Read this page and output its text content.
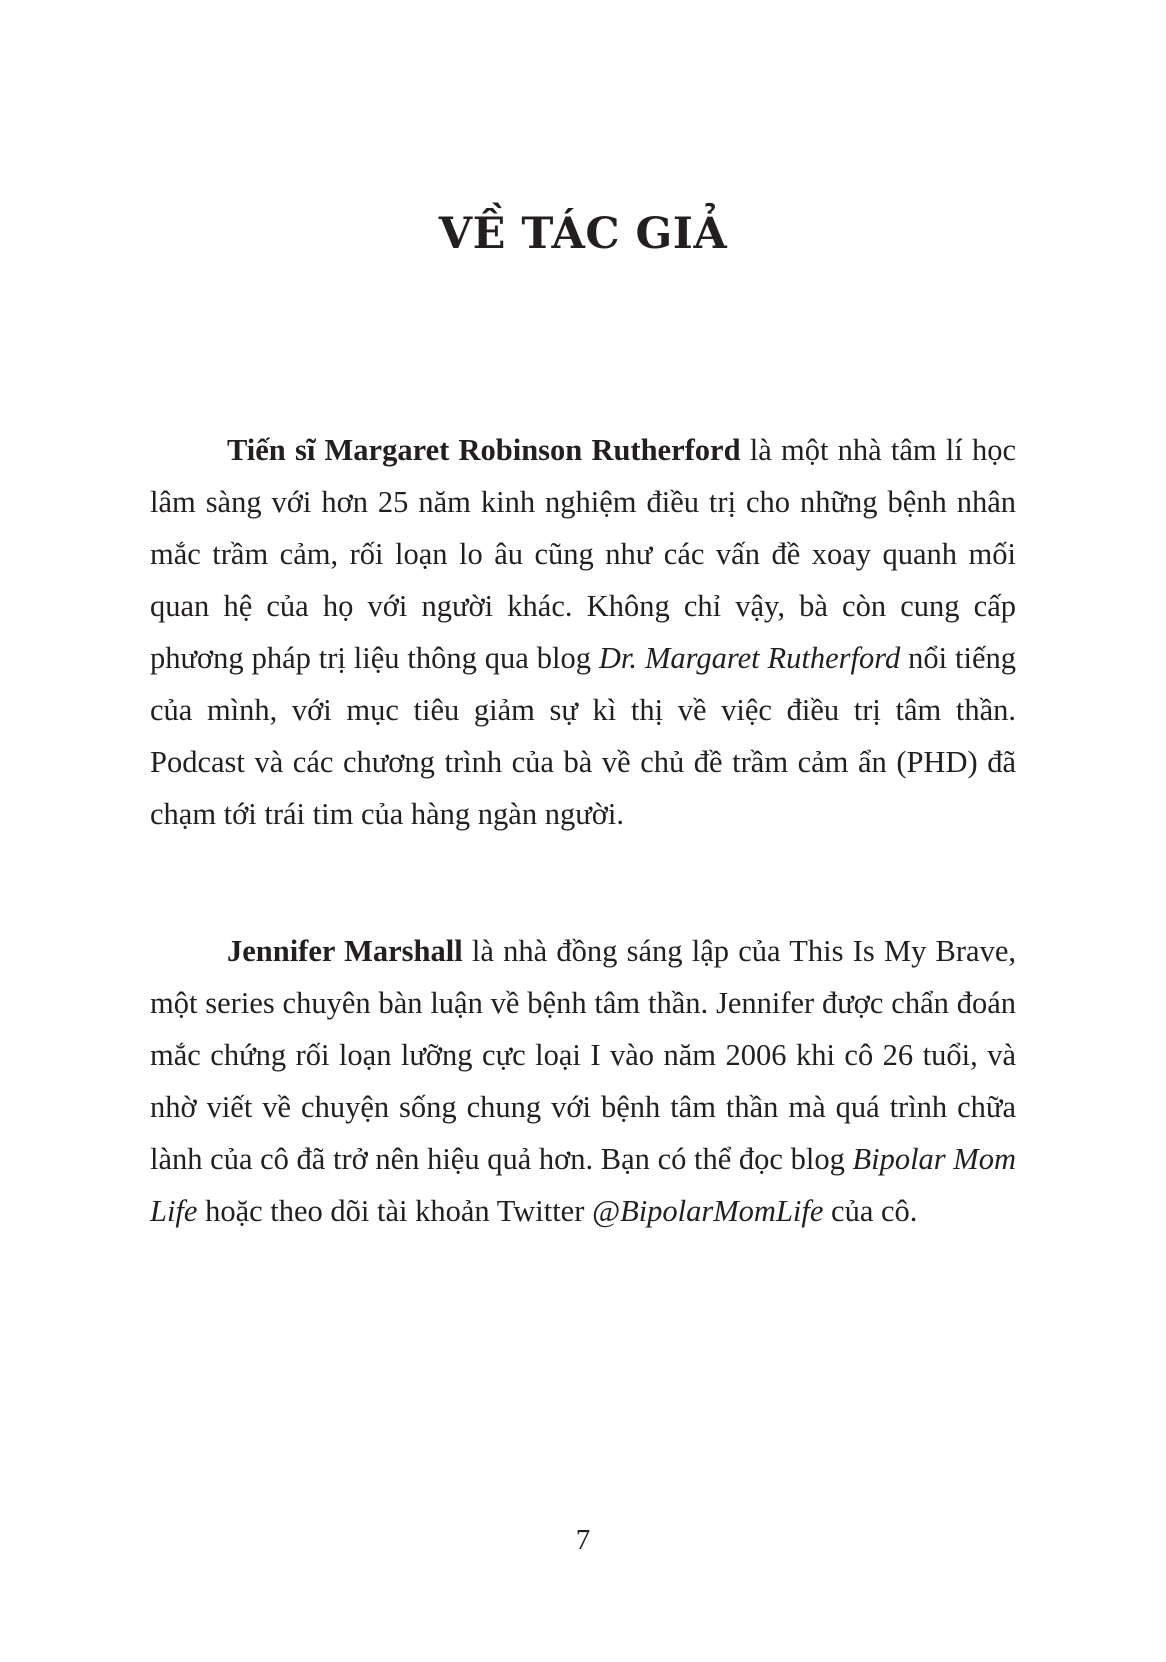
VỀ TÁC GIẢ

Tiến sĩ Margaret Robinson Rutherford là một nhà tâm lí học lâm sàng với hơn 25 năm kinh nghiệm điều trị cho những bệnh nhân mắc trầm cảm, rối loạn lo âu cũng như các vấn đề xoay quanh mối quan hệ của họ với người khác. Không chỉ vậy, bà còn cung cấp phương pháp trị liệu thông qua blog Dr. Margaret Rutherford nổi tiếng của mình, với mục tiêu giảm sự kì thị về việc điều trị tâm thần. Podcast và các chương trình của bà về chủ đề trầm cảm ẩn (PHD) đã chạm tới trái tim của hàng ngàn người.

Jennifer Marshall là nhà đồng sáng lập của This Is My Brave, một series chuyên bàn luận về bệnh tâm thần. Jennifer được chẩn đoán mắc chứng rối loạn lưỡng cực loại I vào năm 2006 khi cô 26 tuổi, và nhờ viết về chuyện sống chung với bệnh tâm thần mà quá trình chữa lành của cô đã trở nên hiệu quả hơn. Bạn có thể đọc blog Bipolar Mom Life hoặc theo dõi tài khoản Twitter @BipolarMomLife của cô.

7
